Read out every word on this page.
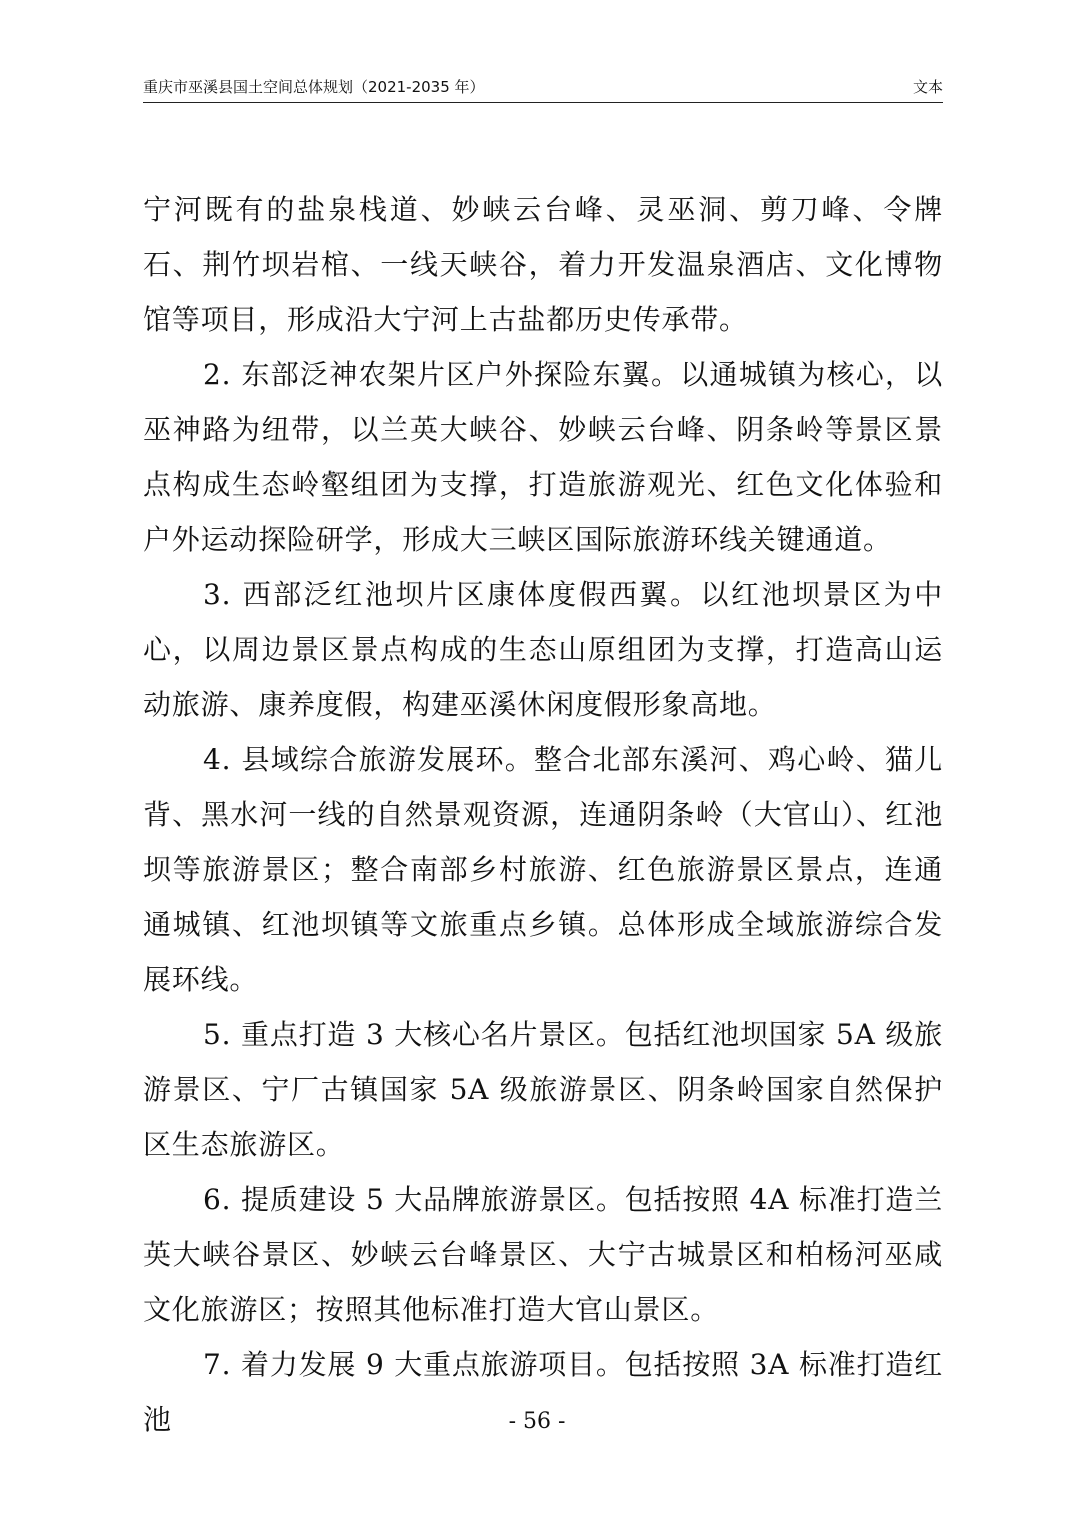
重庆市巫溪县国土空间总体规划（2021-2035 年）	文本

宁河既有的盐泉栈道、妙峡云台峰、灵巫洞、剪刀峰、令牌石、荆竹坝岩棺、一线天峡谷，着力开发温泉酒店、文化博物馆等项目，形成沿大宁河上古盐都历史传承带。

2. 东部泛神农架片区户外探险东翼。以通城镇为核心，以巫神路为纽带，以兰英大峡谷、妙峡云台峰、阴条岭等景区景点构成生态岭壑组团为支撑，打造旅游观光、红色文化体验和户外运动探险研学，形成大三峡区国际旅游环线关键通道。

3. 西部泛红池坝片区康体度假西翼。以红池坝景区为中心，以周边景区景点构成的生态山原组团为支撑，打造高山运动旅游、康养度假，构建巫溪休闲度假形象高地。

4. 县域综合旅游发展环。整合北部东溪河、鸡心岭、猫儿背、黑水河一线的自然景观资源，连通阴条岭（大官山）、红池坝等旅游景区；整合南部乡村旅游、红色旅游景区景点，连通通城镇、红池坝镇等文旅重点乡镇。总体形成全域旅游综合发展环线。

5. 重点打造 3 大核心名片景区。包括红池坝国家 5A 级旅游景区、宁厂古镇国家 5A 级旅游景区、阴条岭国家自然保护区生态旅游区。

6. 提质建设 5 大品牌旅游景区。包括按照 4A 标准打造兰英大峡谷景区、妙峡云台峰景区、大宁古城景区和柏杨河巫咸文化旅游区；按照其他标准打造大官山景区。

7. 着力发展 9 大重点旅游项目。包括按照 3A 标准打造红池	- 56 -
